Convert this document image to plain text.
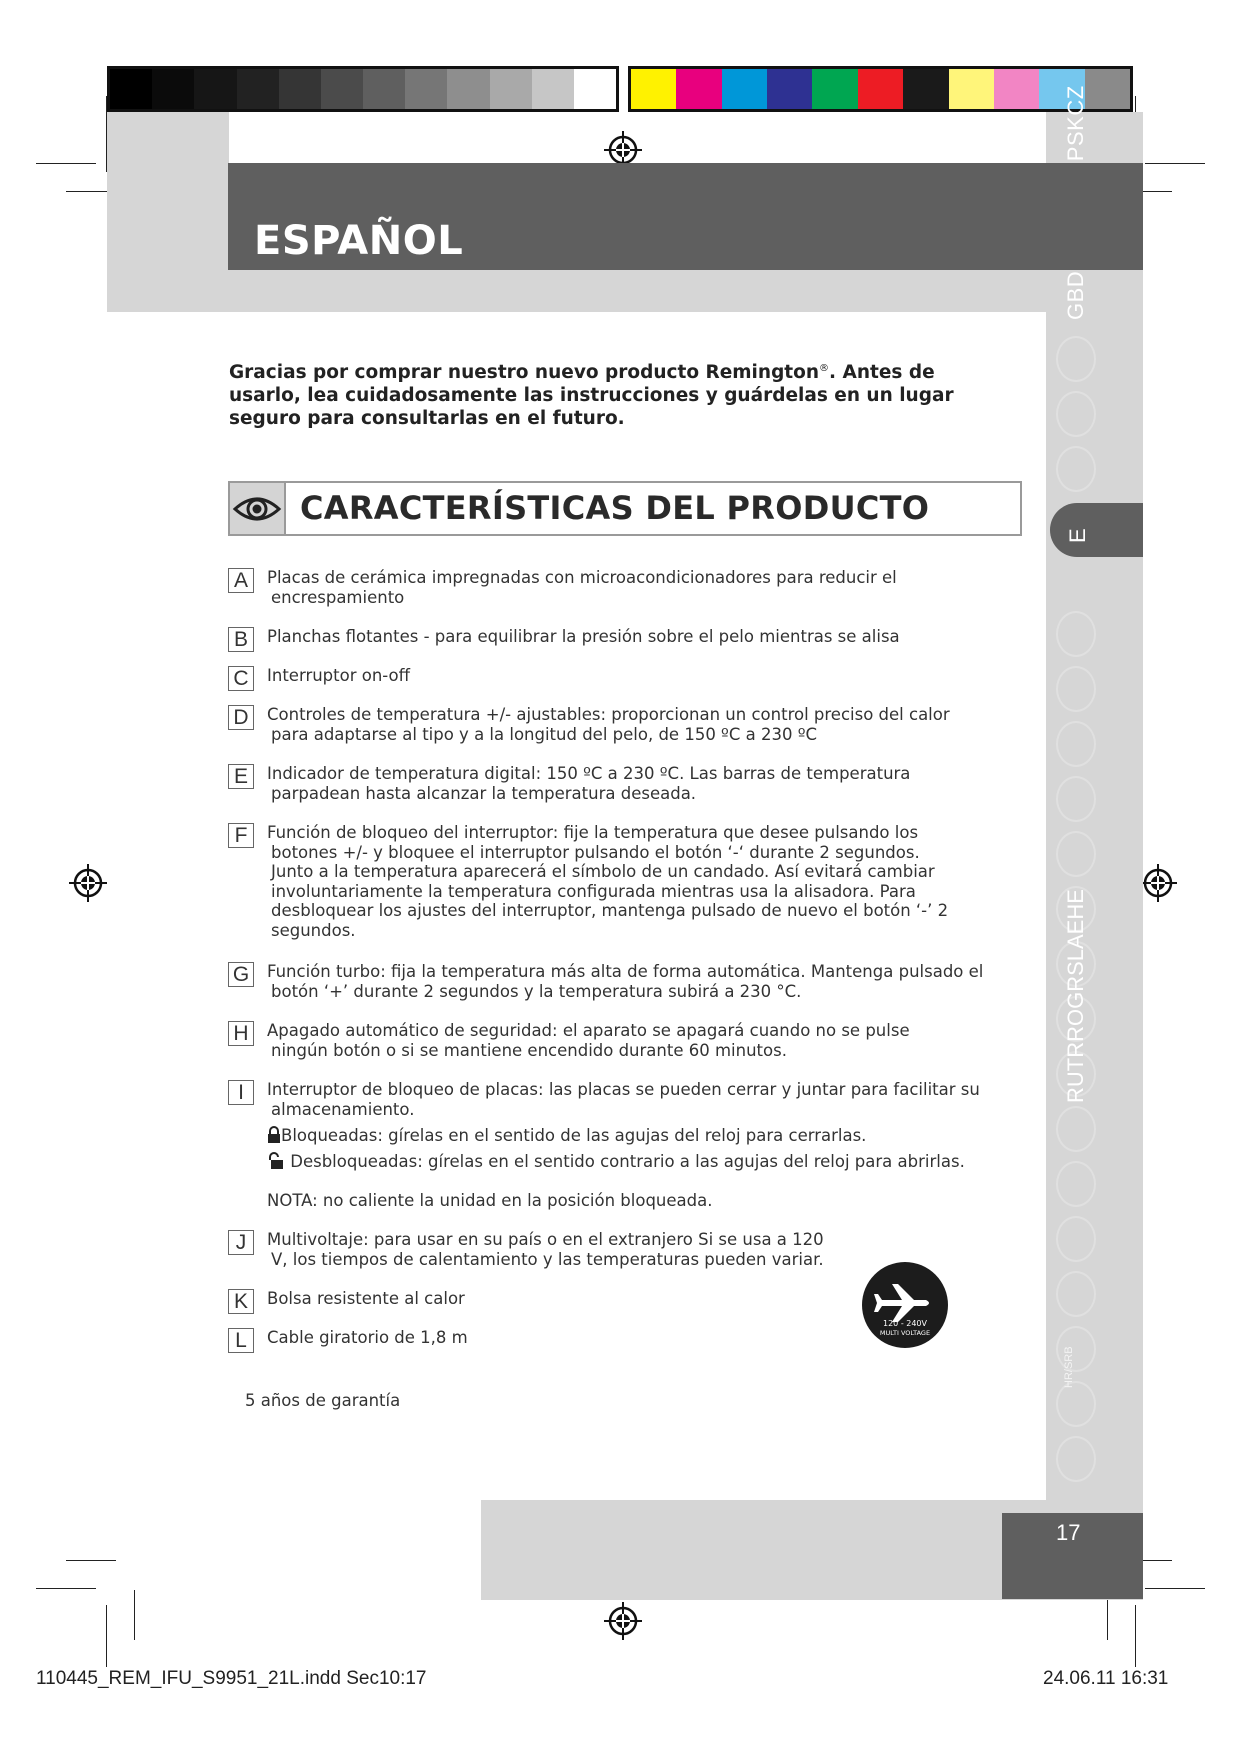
E
RUTRROGRSLAEHE
HR/SRB
ESPAÑOL
Gracias por comprar nuestro nuevo producto Remington®. Antes de usarlo, lea cuidadosamente las instrucciones y guárdelas en un lugar seguro para consultarlas en el futuro.
CARACTERÍSTICAS DEL PRODUCTO
A	Placas de cerámica impregnadas con microacondicionadores para reducir el encrespamiento
B	Planchas flotantes - para equilibrar la presión sobre el pelo mientras se alisa
C	Interruptor on-off
D	Controles de temperatura +/- ajustables: proporcionan un control preciso del calor para adaptarse al tipo y a la longitud del pelo, de 150 ºC a 230 ºC
E	Indicador de temperatura digital: 150 ºC a 230 ºC. Las barras de temperatura parpadean hasta alcanzar la temperatura deseada.
F	Función de bloqueo del interruptor: fije la temperatura que desee pulsando los botones +/- y bloquee el interruptor pulsando el botón ‘-‘ durante 2 segundos. Junto a la temperatura aparecerá el símbolo de un candado. Así evitará cambiar involuntariamente la temperatura configurada mientras usa la alisadora. Para desbloquear los ajustes del interruptor, mantenga pulsado de nuevo el botón ‘-’ 2 segundos.
G Función turbo: fija la temperatura más alta de forma automática. Mantenga pulsado el botón ‘+’ durante 2 segundos y la temperatura subirá a 230 °C.
H	Apagado automático de seguridad: el aparato se apagará cuando no se pulse ningún botón o si se mantiene encendido durante 60 minutos.
I	Interruptor de bloqueo de placas: las placas se pueden cerrar y juntar para facilitar su almacenamiento.
Bloqueadas: gírelas en el sentido de las agujas del reloj para cerrarlas.
Desbloqueadas: gírelas en el sentido contrario a las agujas del reloj para abrirlas.
NOTA: no caliente la unidad en la posición bloqueada.
J	Multivoltaje: para usar en su país o en el extranjero Si se usa a 120 V, los tiempos de calentamiento y las temperaturas pueden variar.
K	Bolsa resistente al calor
L	Cable giratorio de 1,8 m
120 - 240V
MULTI VOLTAGE
5 años de garantía
17
110445_REM_IFU_S9951_21L.indd Sec10:17	24.06.11 16:31
